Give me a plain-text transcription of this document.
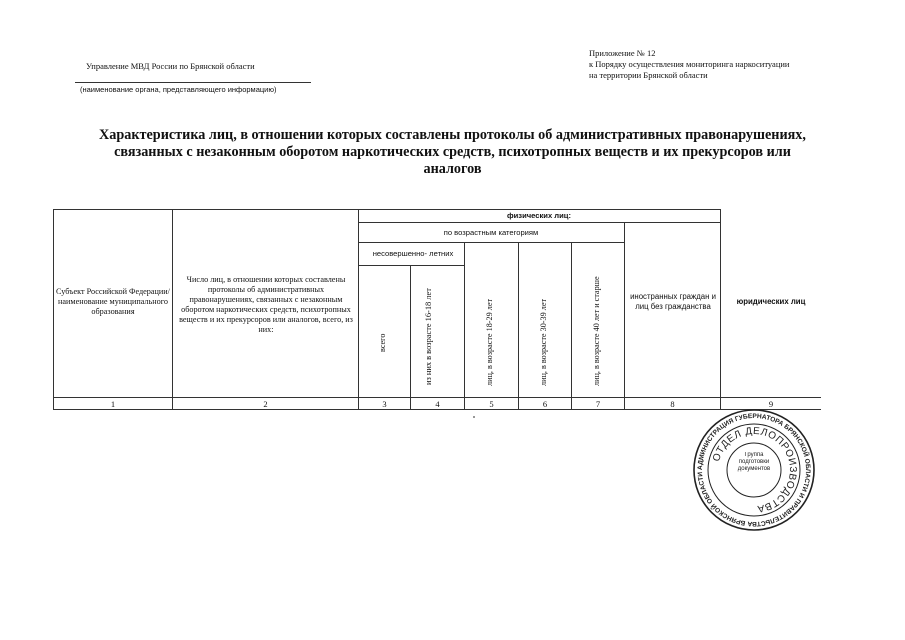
Управление МВД России по Брянской области
(наименование органа, представляющего информацию)
Приложение № 12
к Порядку осуществления мониторинга наркоситуации
на территории Брянской области
Характеристика лиц, в отношении которых составлены протоколы об административных правонарушениях,
связанных с незаконным оборотом наркотических средств, психотропных веществ и их прекурсоров или
аналогов
Субъект Российской Федерации/ наименование муниципального образования
Число лиц, в отношении которых составлены протоколы об административных правонарушениях, связанных с незаконным оборотом наркотических средств, психотропных веществ и их прекурсоров или аналогов, всего, из них:
физических лиц:
по возрастным категориям
несовершенно- летних
всего	из них в возрасте 16-18 лет	лиц, в возрасте 18-29 лет	лиц, в возрасте 30-39 лет	лиц, в возрасте 40 лет и старше	иностранных граждан и лиц без гражданства
юридических лиц
1	2	3	4	5	6	7	8	9
АДМИНИСТРАЦИЯ ГУБЕРНАТОРА БРЯНСКОЙ ОБЛАСТИ И ПРАВИТЕЛЬСТВА БРЯНСКОЙ ОБЛАСТИ
ОТДЕЛ ДЕЛОПРОИЗВОДСТВА
Группа подготовки документов
